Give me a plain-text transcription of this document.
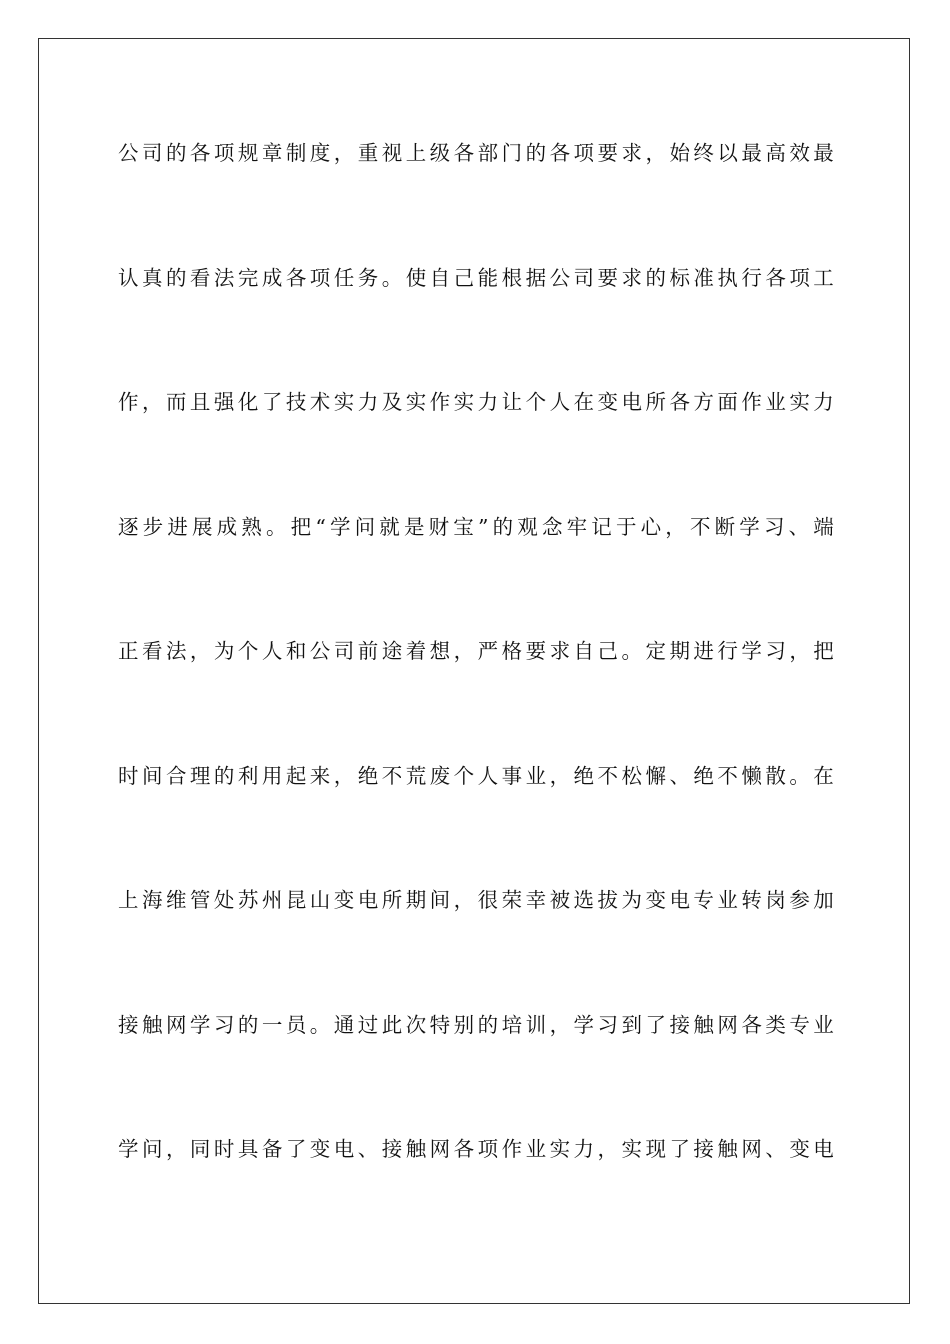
公司的各项规章制度，重视上级各部门的各项要求，始终以最高效最
认真的看法完成各项任务。使自己能根据公司要求的标准执行各项工
作，而且强化了技术实力及实作实力让个人在变电所各方面作业实力
逐步进展成熟。把“学问就是财宝”的观念牢记于心，不断学习、端
正看法，为个人和公司前途着想，严格要求自己。定期进行学习，把
时间合理的利用起来，绝不荒废个人事业，绝不松懈、绝不懒散。在
上海维管处苏州昆山变电所期间，很荣幸被选拔为变电专业转岗参加
接触网学习的一员。通过此次特别的培训，学习到了接触网各类专业
学问，同时具备了变电、接触网各项作业实力，实现了接触网、变电
